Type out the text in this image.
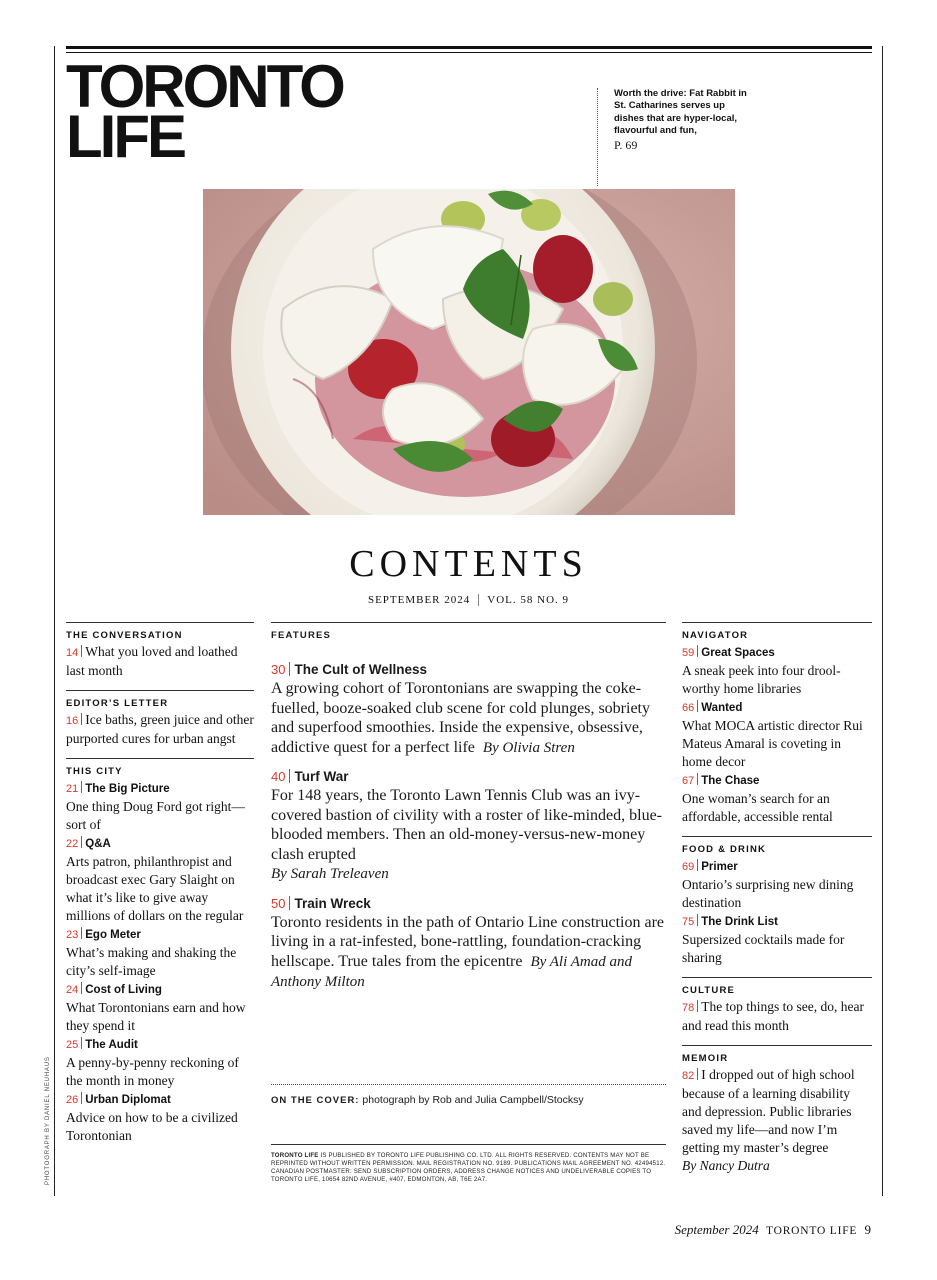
TORONTO
LIFE
Worth the drive: Fat Rabbit in St. Catharines serves up dishes that are hyper-local, flavourful and fun,
P. 69
CONTENTS
SEPTEMBER 2024 VOL. 58 NO. 9
THE CONVERSATION
14 What you loved and loathed last month
EDITOR’S LETTER
16 Ice baths, green juice and other purported cures for urban angst
THIS CITY
21 The Big Picture
One thing Doug Ford got right—sort of
22 Q&A
Arts patron, philanthropist and broadcast exec Gary Slaight on what it’s like to give away millions of dollars on the regular
23 Ego Meter
What’s making and shaking the city’s self-image
24 Cost of Living
What Torontonians earn and how they spend it
25 The Audit
A penny-by-penny reckoning of the month in money
26 Urban Diplomat
Advice on how to be a civilized Torontonian
FEATURES
30 The Cult of Wellness
A growing cohort of Torontonians are swapping the coke-fuelled, booze-soaked club scene for cold plunges, sobriety and superfood smoothies. Inside the expensive, obsessive, addictive quest for a perfect life By Olivia Stren
40 Turf War
For 148 years, the Toronto Lawn Tennis Club was an ivy-covered bastion of civility with a roster of like-minded, blue-blooded members. Then an old-money-versus-new-money clash erupted
By Sarah Treleaven
50 Train Wreck
Toronto residents in the path of Ontario Line construction are living in a rat-infested, bone-rattling, foundation-cracking hellscape. True tales from the epicentre By Ali Amad and Anthony Milton
ON THE COVER: photograph by Rob and Julia Campbell/Stocksy
TORONTO LIFE IS PUBLISHED BY TORONTO LIFE PUBLISHING CO. LTD. ALL RIGHTS RESERVED. CONTENTS MAY NOT BE REPRINTED WITHOUT WRITTEN PERMISSION. MAIL REGISTRATION NO. 9189. PUBLICATIONS MAIL AGREEMENT NO. 42494512. CANADIAN POSTMASTER: SEND SUBSCRIPTION ORDERS, ADDRESS CHANGE NOTICES AND UNDELIVERABLE COPIES TO TORONTO LIFE, 10654 82ND AVENUE, #407, EDMONTON, AB, T6E 2A7.
NAVIGATOR
59 Great Spaces
A sneak peek into four drool-worthy home libraries
66 Wanted
What MOCA artistic director Rui Mateus Amaral is coveting in home decor
67 The Chase
One woman’s search for an affordable, accessible rental
FOOD & DRINK
69 Primer
Ontario’s surprising new dining destination
75 The Drink List
Supersized cocktails made for sharing
CULTURE
78 The top things to see, do, hear and read this month
MEMOIR
82 I dropped out of high school because of a learning disability and depression. Public libraries saved my life—and now I’m getting my master’s degree
By Nancy Dutra
PHOTOGRAPH BY DANIEL NEUHAUS
September 2024 TORONTO LIFE 9
